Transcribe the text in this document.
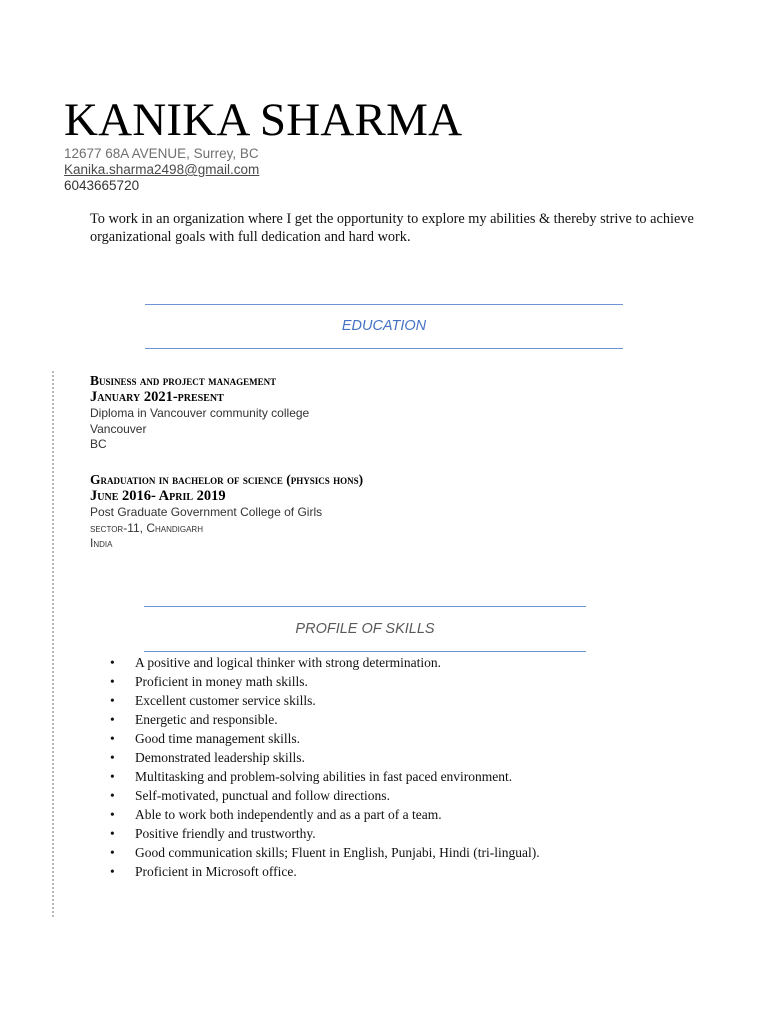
KANIKA SHARMA
12677 68A AVENUE, Surrey, BC
Kanika.sharma2498@gmail.com
6043665720
To work in an organization where I get the opportunity to explore my abilities & thereby strive to achieve organizational goals with full dedication and hard work.
EDUCATION
Business and project management
January 2021-present
Diploma in Vancouver community college
Vancouver
BC
Graduation in bachelor of science (physics hons)
June 2016- April 2019
Post Graduate Government College of Girls
sector-11, Chandigarh
India
PROFILE OF SKILLS
• A positive and logical thinker with strong determination.
• Proficient in money math skills.
• Excellent customer service skills.
• Energetic and responsible.
• Good time management skills.
• Demonstrated leadership skills.
• Multitasking and problem-solving abilities in fast paced environment.
• Self-motivated, punctual and follow directions.
• Able to work both independently and as a part of a team.
• Positive friendly and trustworthy.
• Good communication skills; Fluent in English, Punjabi, Hindi (tri-lingual).
• Proficient in Microsoft office.
